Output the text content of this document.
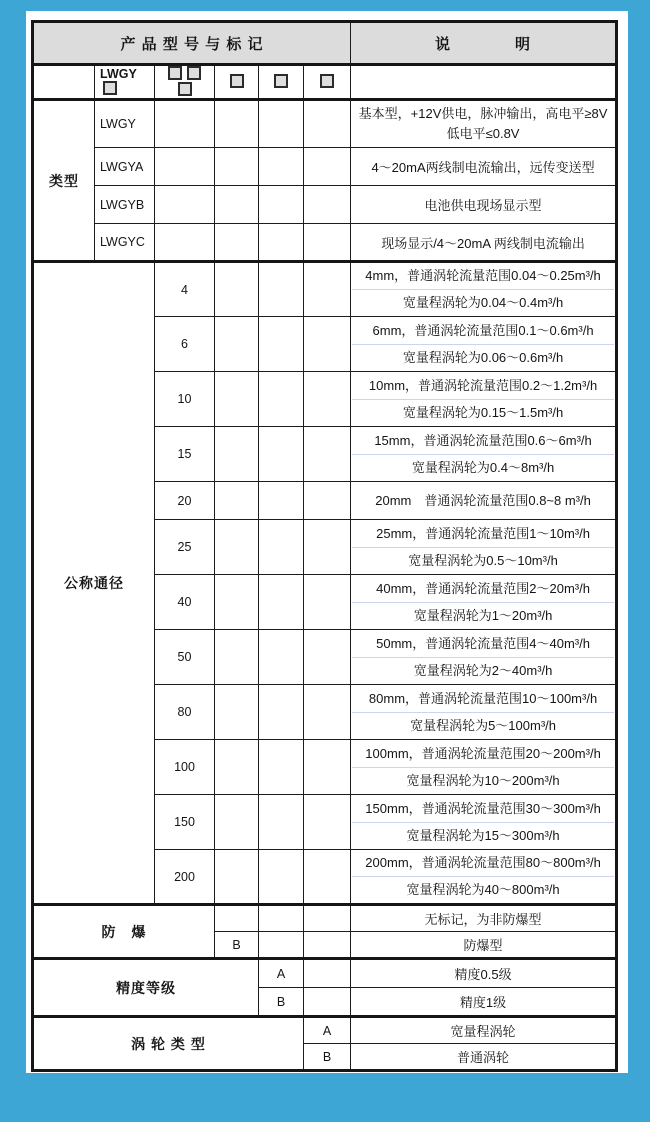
产 品 型 号 与 标 记						说　　　　明
	LWGY					
类型	LWGY					基本型，+12V供电，脉冲输出，高电平≥8V
低电平≤0.8V

	LWGYA					4～20mA两线制电流输出，远传变送型
	LWGYB					电池供电现场显示型
	LWGYC					现场显示/4～20mA 两线制电流输出
公称通径		4				4mm，普通涡轮流量范围0.04～0.25m³/h
宽量程涡轮为0.04～0.4m³/h

		6				6mm，普通涡轮流量范围0.1～0.6m³/h
宽量程涡轮为0.06～0.6m³/h

		10				10mm，普通涡轮流量范围0.2～1.2m³/h
宽量程涡轮为0.15～1.5m³/h

		15				15mm，普通涡轮流量范围0.6～6m³/h
宽量程涡轮为0.4～8m³/h

		20				20mm　普通涡轮流量范围0.8~8 m³/h

		25				25mm，普通涡轮流量范围1～10m³/h
宽量程涡轮为0.5～10m³/h

		40				40mm，普通涡轮流量范围2～20m³/h
宽量程涡轮为1～20m³/h

		50				50mm，普通涡轮流量范围4～40m³/h
宽量程涡轮为2～40m³/h

		80				80mm，普通涡轮流量范围10～100m³/h
宽量程涡轮为5～100m³/h

		100				100mm，普通涡轮流量范围20～200m³/h
宽量程涡轮为10～200m³/h

		150				150mm，普通涡轮流量范围30～300m³/h
宽量程涡轮为15～300m³/h

		200				200mm，普通涡轮流量范围80～800m³/h
宽量程涡轮为40～800m³/h

防　爆						无标记，为非防爆型
			B			防爆型
精度等级				A		精度0.5级
				B		精度1级
涡 轮 类 型					A	宽量程涡轮
					B	普通涡轮
